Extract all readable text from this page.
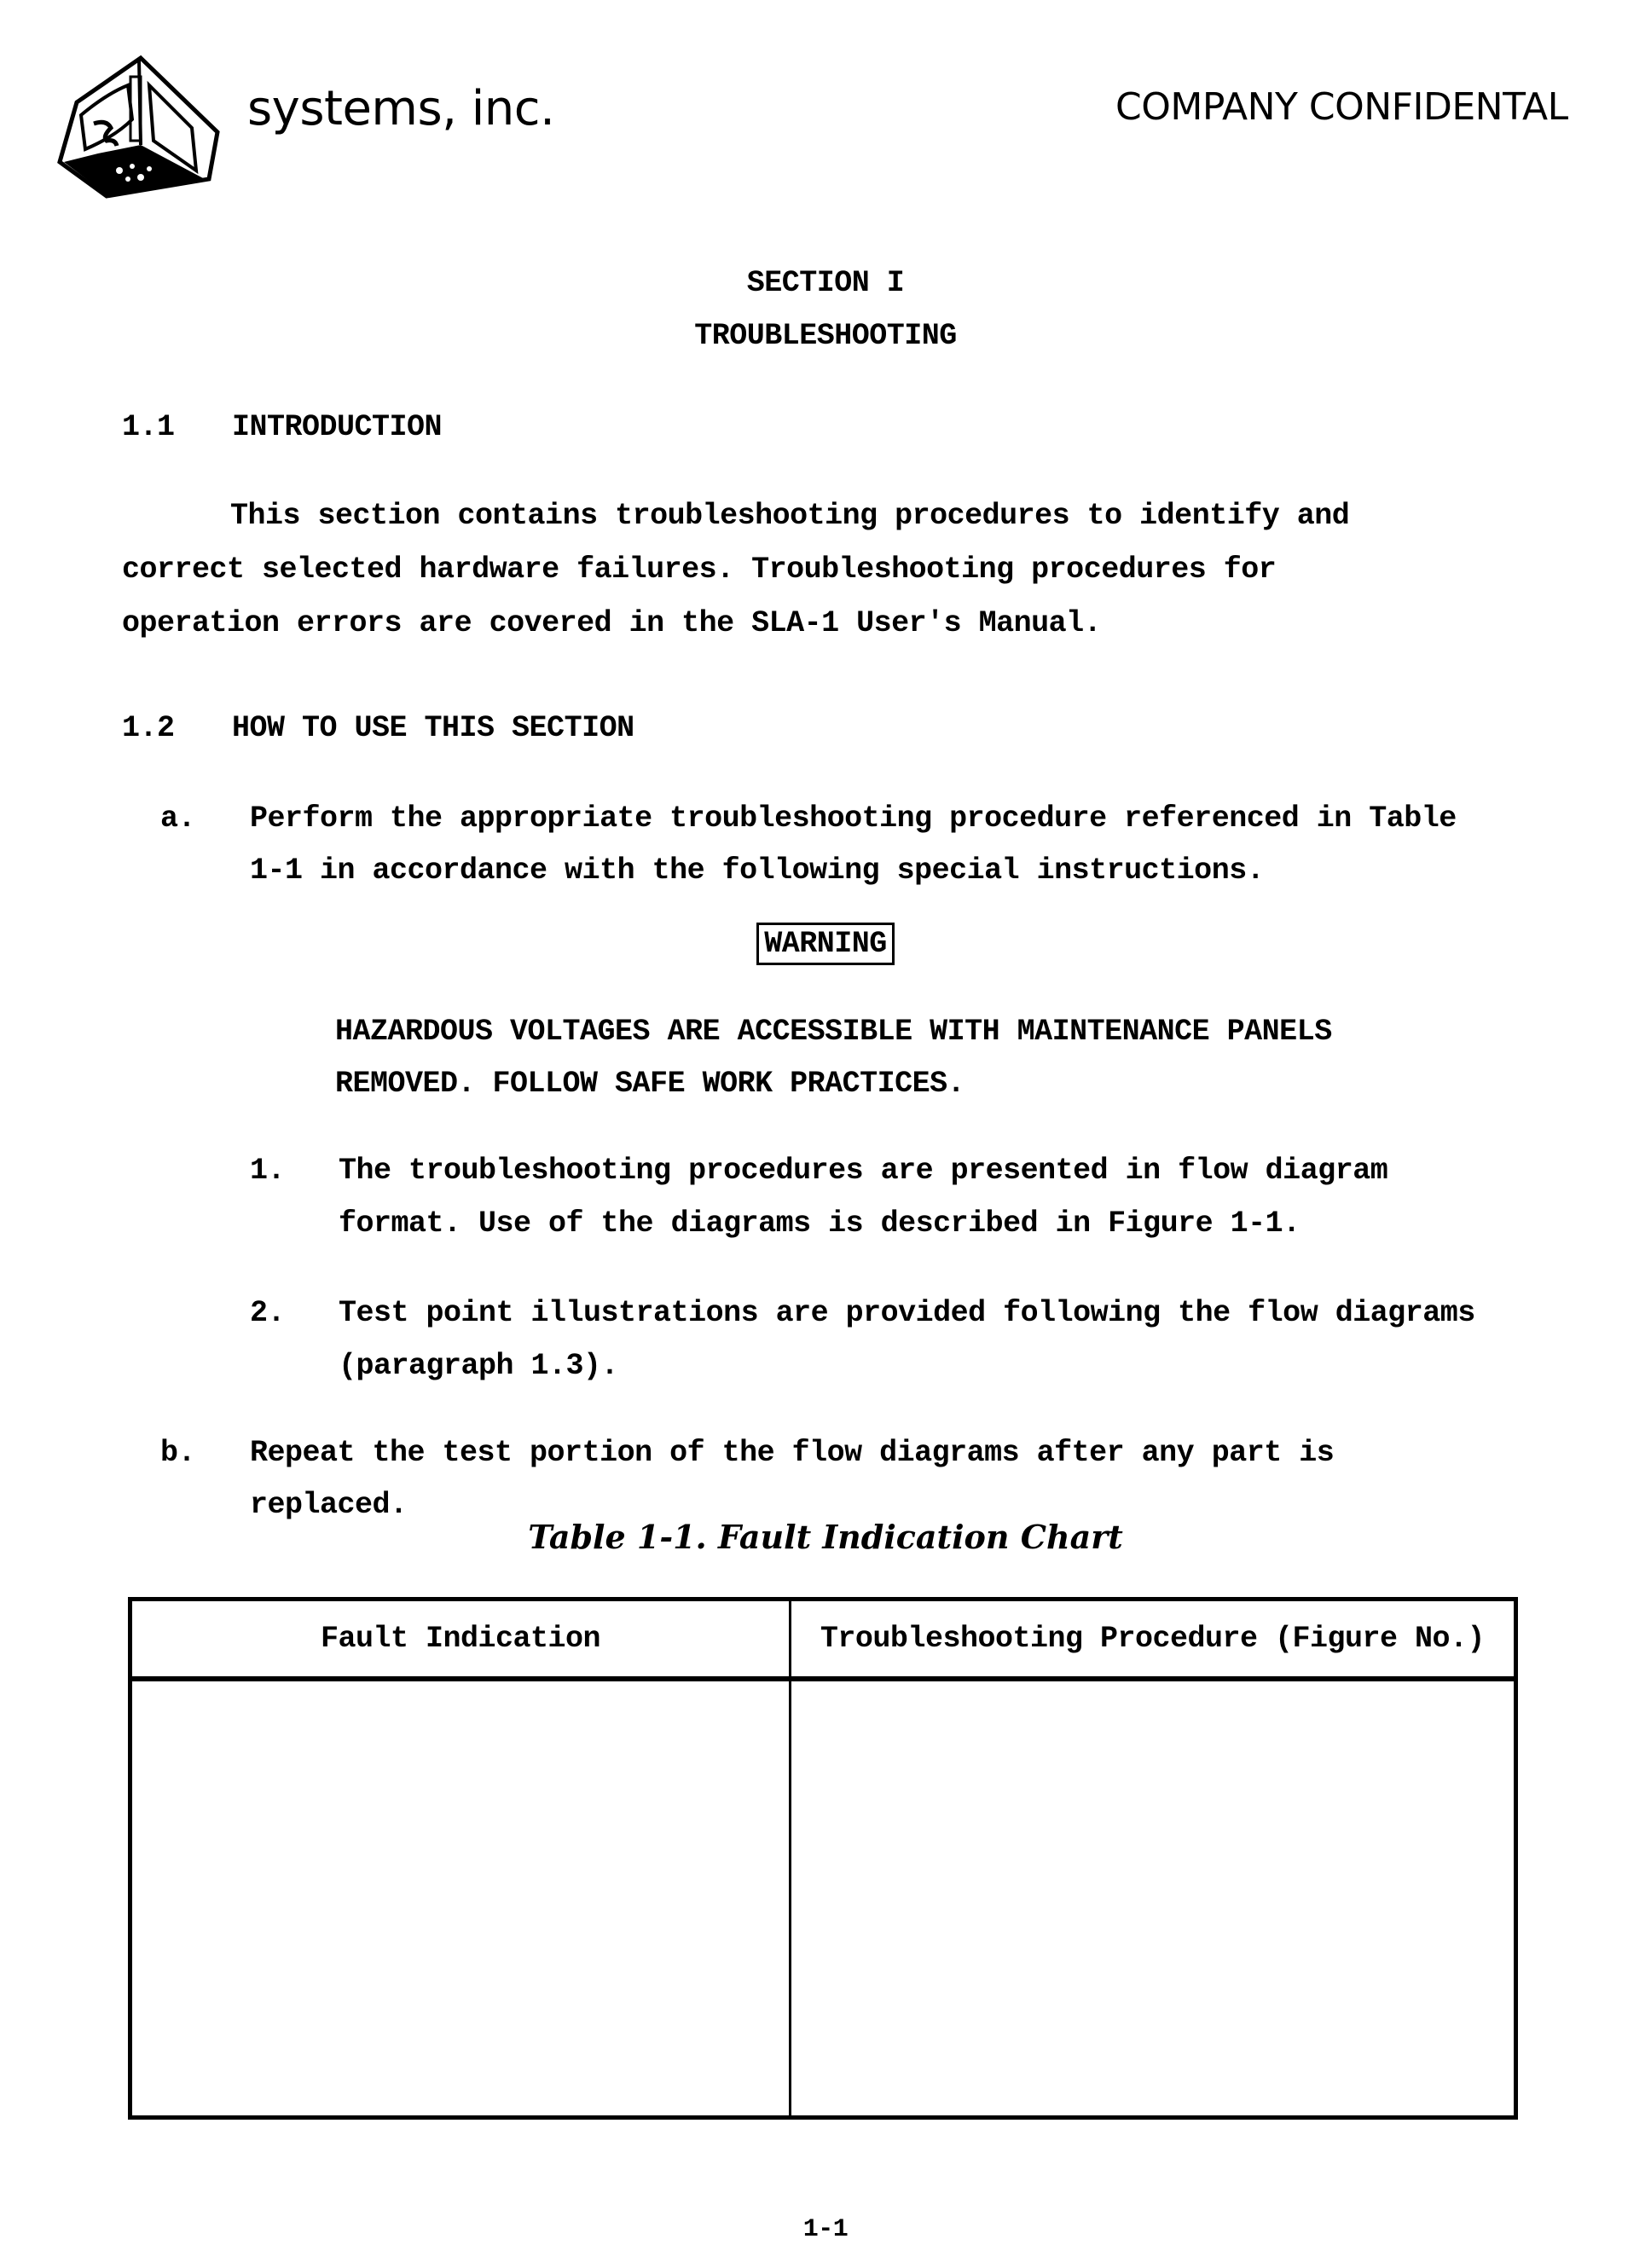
systems, inc.	COMPANY CONFIDENTAL
SECTION I
TROUBLESHOOTING
1.1 INTRODUCTION
This section contains troubleshooting procedures to identify and
correct selected hardware failures. Troubleshooting procedures for
operation errors are covered in the SLA-1 User's Manual.
1.2 HOW TO USE THIS SECTION
a. Perform the appropriate troubleshooting procedure referenced in Table
1-1 in accordance with the following special instructions.
WARNING
HAZARDOUS VOLTAGES ARE ACCESSIBLE WITH MAINTENANCE PANELS
REMOVED. FOLLOW SAFE WORK PRACTICES.
1. The troubleshooting procedures are presented in flow diagram
format. Use of the diagrams is described in Figure 1-1.
2. Test point illustrations are provided following the flow diagrams
(paragraph 1.3).
b. Repeat the test portion of the flow diagrams after any part is
replaced.
Table 1-1. Fault Indication Chart
Fault Indication	Troubleshooting Procedure (Figure No.)

1-1
